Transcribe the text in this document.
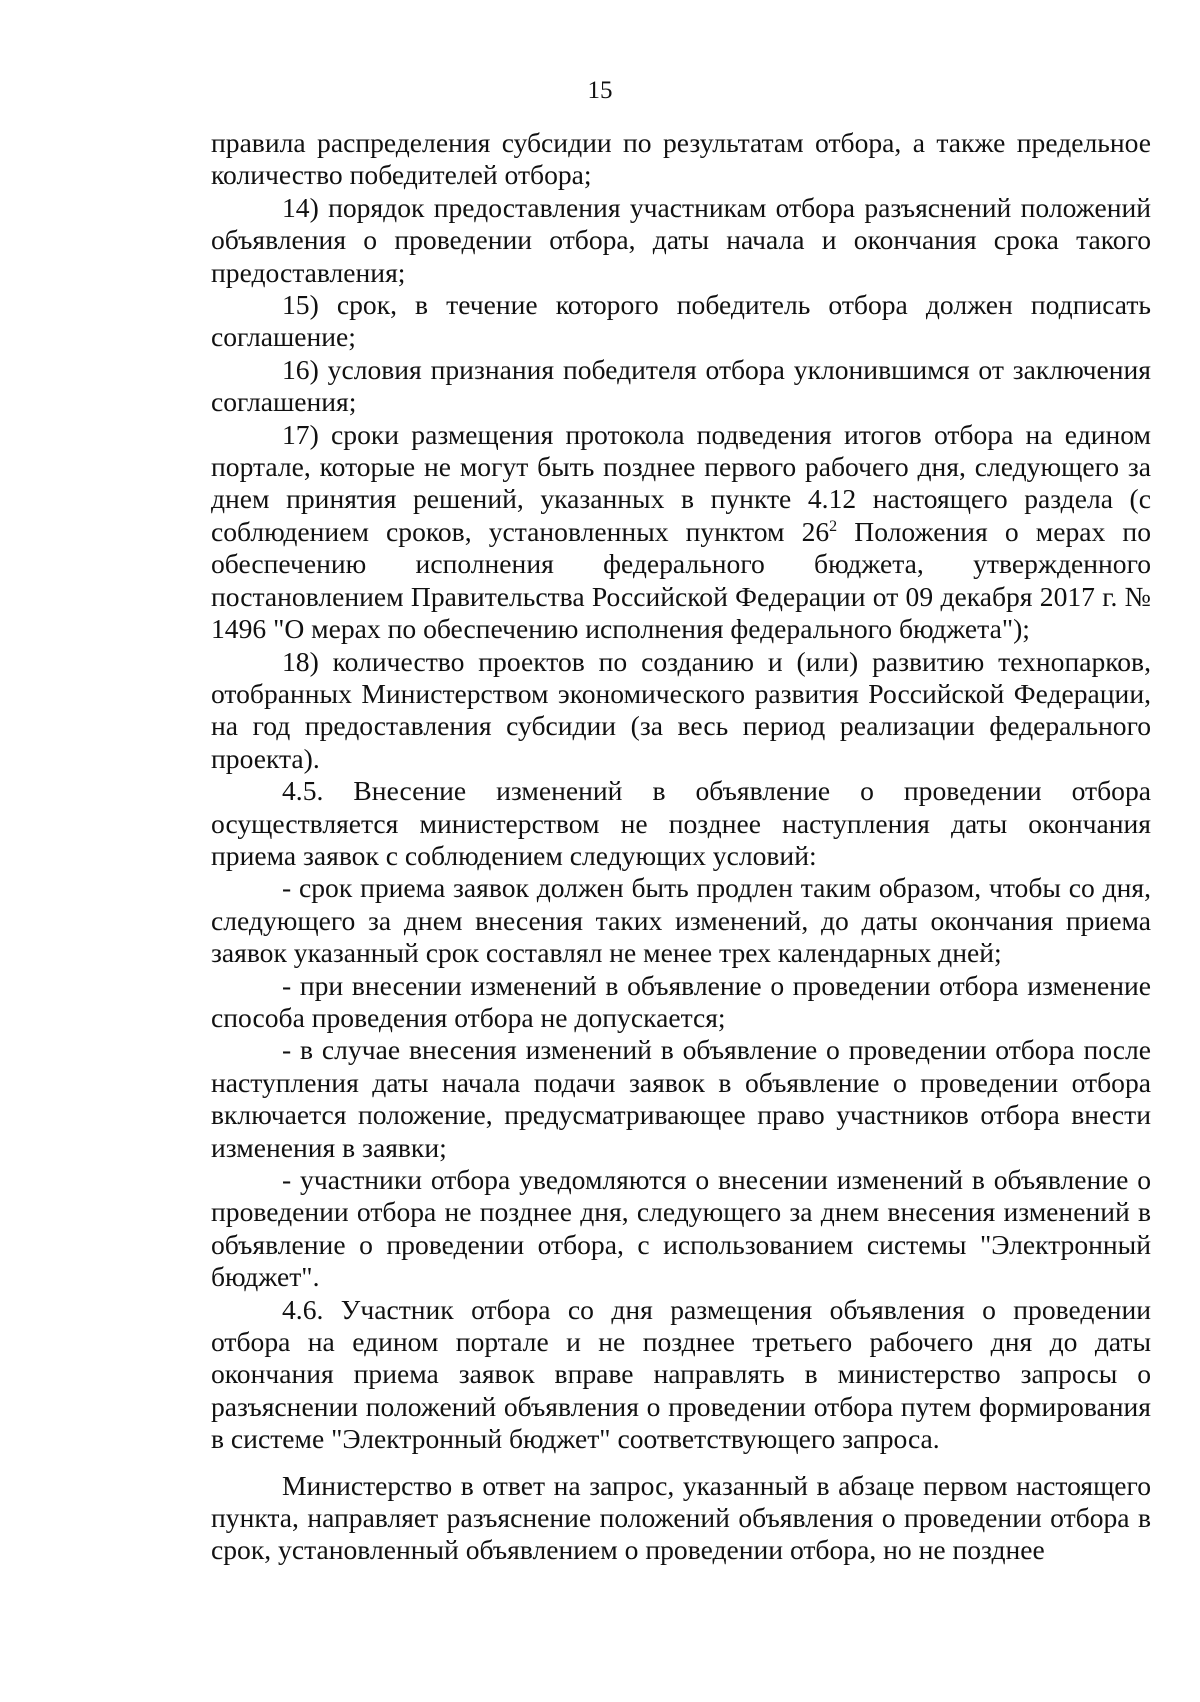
15

правила распределения субсидии по результатам отбора, а также предельное количество победителей отбора;

14) порядок предоставления участникам отбора разъяснений положений объявления о проведении отбора, даты начала и окончания срока такого предоставления;

15) срок, в течение которого победитель отбора должен подписать соглашение;

16) условия признания победителя отбора уклонившимся от заключения соглашения;

17) сроки размещения протокола подведения итогов отбора на едином портале, которые не могут быть позднее первого рабочего дня, следующего за днем принятия решений, указанных в пункте 4.12 настоящего раздела (с соблюдением сроков, установленных пунктом $26^2$ Положения о мерах по обеспечению исполнения федерального бюджета, утвержденного постановлением Правительства Российской Федерации от 09 декабря 2017 г. № 1496 "О мерах по обеспечению исполнения федерального бюджета");

18) количество проектов по созданию и (или) развитию технопарков, отобранных Министерством экономического развития Российской Федерации, на год предоставления субсидии (за весь период реализации федерального проекта).

4.5. Внесение изменений в объявление о проведении отбора осуществляется министерством не позднее наступления даты окончания приема заявок с соблюдением следующих условий:

- срок приема заявок должен быть продлен таким образом, чтобы со дня, следующего за днем внесения таких изменений, до даты окончания приема заявок указанный срок составлял не менее трех календарных дней;

- при внесении изменений в объявление о проведении отбора изменение способа проведения отбора не допускается;

- в случае внесения изменений в объявление о проведении отбора после наступления даты начала подачи заявок в объявление о проведении отбора включается положение, предусматривающее право участников отбора внести изменения в заявки;

- участники отбора уведомляются о внесении изменений в объявление о проведении отбора не позднее дня, следующего за днем внесения изменений в объявление о проведении отбора, с использованием системы "Электронный бюджет".

4.6. Участник отбора со дня размещения объявления о проведении отбора на едином портале и не позднее третьего рабочего дня до даты окончания приема заявок вправе направлять в министерство запросы о разъяснении положений объявления о проведении отбора путем формирования в системе "Электронный бюджет" соответствующего запроса.

Министерство в ответ на запрос, указанный в абзаце первом настоящего пункта, направляет разъяснение положений объявления о проведении отбора в срок, установленный объявлением о проведении отбора, но не позднее
